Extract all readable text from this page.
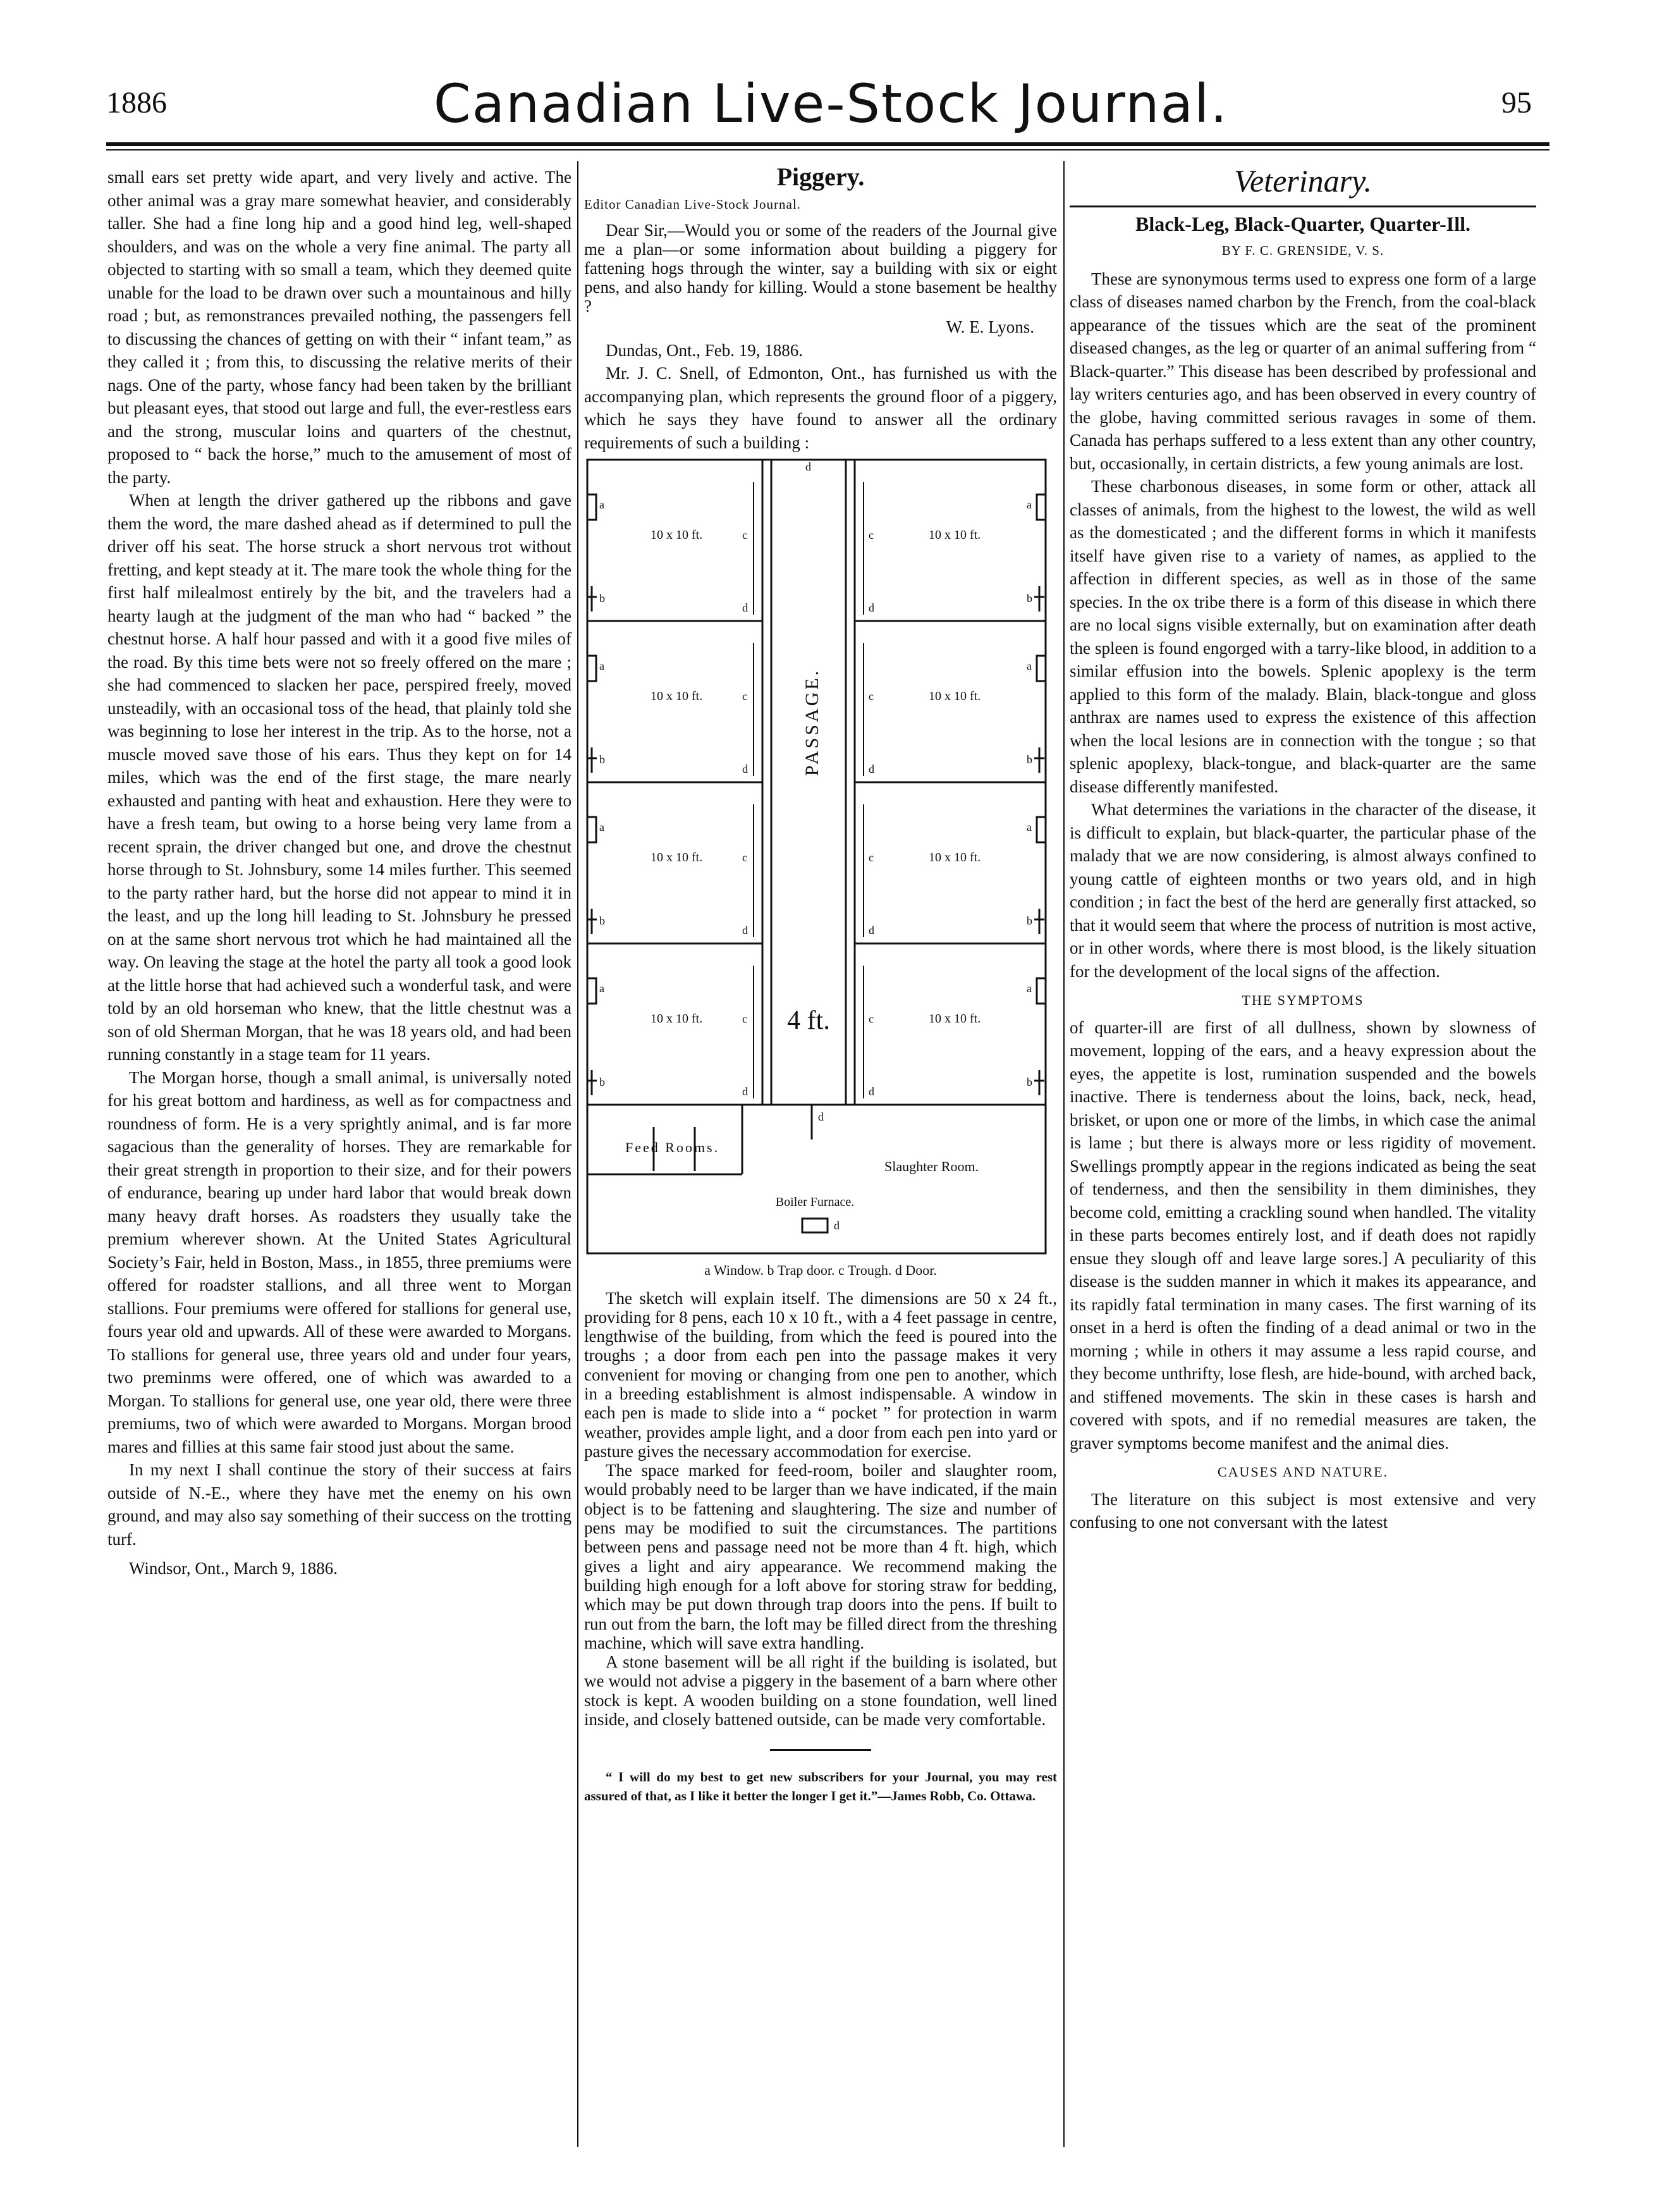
1886	Canadian Live-Stock Journal.	95

small ears set pretty wide apart, and very lively and active. The other animal was a gray mare somewhat heavier, and considerably taller. She had a fine long hip and a good hind leg, well-shaped shoulders, and was on the whole a very fine animal. The party all objected to starting with so small a team, which they deemed quite unable for the load to be drawn over such a mountainous and hilly road ; but, as remonstrances prevailed nothing, the passengers fell to discussing the chances of getting on with their “ infant team,” as they called it ; from this, to discussing the relative merits of their nags. One of the party, whose fancy had been taken by the brilliant but pleasant eyes, that stood out large and full, the ever-restless ears and the strong, muscular loins and quarters of the chestnut, proposed to “ back the horse,” much to the amusement of most of the party.

When at length the driver gathered up the ribbons and gave them the word, the mare dashed ahead as if determined to pull the driver off his seat. The horse struck a short nervous trot without fretting, and kept steady at it. The mare took the whole thing for the first half milealmost entirely by the bit, and the travelers had a hearty laugh at the judgment of the man who had “ backed ” the chestnut horse. A half hour passed and with it a good five miles of the road. By this time bets were not so freely offered on the mare ; she had commenced to slacken her pace, perspired freely, moved unsteadily, with an occasional toss of the head, that plainly told she was beginning to lose her interest in the trip. As to the horse, not a muscle moved save those of his ears. Thus they kept on for 14 miles, which was the end of the first stage, the mare nearly exhausted and panting with heat and exhaustion. Here they were to have a fresh team, but owing to a horse being very lame from a recent sprain, the driver changed but one, and drove the chestnut horse through to St. Johnsbury, some 14 miles further. This seemed to the party rather hard, but the horse did not appear to mind it in the least, and up the long hill leading to St. Johnsbury he pressed on at the same short nervous trot which he had maintained all the way. On leaving the stage at the hotel the party all took a good look at the little horse that had achieved such a wonderful task, and were told by an old horseman who knew, that the little chestnut was a son of old Sherman Morgan, that he was 18 years old, and had been running constantly in a stage team for 11 years.

The Morgan horse, though a small animal, is universally noted for his great bottom and hardiness, as well as for compactness and roundness of form. He is a very sprightly animal, and is far more sagacious than the generality of horses. They are remarkable for their great strength in proportion to their size, and for their powers of endurance, bearing up under hard labor that would break down many heavy draft horses. As roadsters they usually take the premium wherever shown. At the United States Agricultural Society’s Fair, held in Boston, Mass., in 1855, three premiums were offered for roadster stallions, and all three went to Morgan stallions. Four premiums were offered for stallions for general use, fours year old and upwards. All of these were awarded to Morgans. To stallions for general use, three years old and under four years, two preminms were offered, one of which was awarded to a Morgan. To stallions for general use, one year old, there were three premiums, two of which were awarded to Morgans. Morgan brood mares and fillies at this same fair stood just about the same.

In my next I shall continue the story of their success at fairs outside of N.-E., where they have met the enemy on his own ground, and may also say something of their success on the trotting turf.

Windsor, Ont., March 9, 1886.

Piggery.
Editor Canadian Live-Stock Journal.

Dear Sir,—Would you or some of the readers of the Journal give me a plan—or some information about building a piggery for fattening hogs through the winter, say a building with six or eight pens, and also handy for killing. Would a stone basement be healthy ?

W. E. Lyons.

Dundas, Ont., Feb. 19, 1886.

Mr. J. C. Snell, of Edmonton, Ont., has furnished us with the accompanying plan, which represents the ground floor of a piggery, which he says they have found to answer all the ordinary requirements of such a building :

10 x 10 ft.	10 x 10 ft.
10 x 10 ft.	10 x 10 ft.
10 x 10 ft.	10 x 10 ft.
10 x 10 ft.	10 x 10 ft.
PASSAGE.
4 ft.
a	a
a	a
a	a
a	a
b	b
b	b
b	b
b	b
c	c
c	c
c	c
c	c
d
d	d
d	d
d	d
d	d
d
d
Feed Rooms.
Slaughter Room.
Boiler Furnace.
a Window. b Trap door. c Trough. d Door.

The sketch will explain itself. The dimensions are 50 x 24 ft., providing for 8 pens, each 10 x 10 ft., with a 4 feet passage in centre, lengthwise of the building, from which the feed is poured into the troughs ; a door from each pen into the passage makes it very convenient for moving or changing from one pen to another, which in a breeding establishment is almost indispensable. A window in each pen is made to slide into a “ pocket ” for protection in warm weather, provides ample light, and a door from each pen into yard or pasture gives the necessary accommodation for exercise.

The space marked for feed-room, boiler and slaughter room, would probably need to be larger than we have indicated, if the main object is to be fattening and slaughtering. The size and number of pens may be modified to suit the circumstances. The partitions between pens and passage need not be more than 4 ft. high, which gives a light and airy appearance. We recommend making the building high enough for a loft above for storing straw for bedding, which may be put down through trap doors into the pens. If built to run out from the barn, the loft may be filled direct from the threshing machine, which will save extra handling.

A stone basement will be all right if the building is isolated, but we would not advise a piggery in the basement of a barn where other stock is kept. A wooden building on a stone foundation, well lined inside, and closely battened outside, can be made very comfortable.

“ I will do my best to get new subscribers for your Journal, you may rest assured of that, as I like it better the longer I get it.”—James Robb, Co. Ottawa.

Veterinary.
Black-Leg, Black-Quarter, Quarter-Ill.
BY F. C. GRENSIDE, V. S.

These are synonymous terms used to express one form of a large class of diseases named charbon by the French, from the coal-black appearance of the tissues which are the seat of the prominent diseased changes, as the leg or quarter of an animal suffering from “ Black-quarter.” This disease has been described by professional and lay writers centuries ago, and has been observed in every country of the globe, having committed serious ravages in some of them. Canada has perhaps suffered to a less extent than any other country, but, occasionally, in certain districts, a few young animals are lost.

These charbonous diseases, in some form or other, attack all classes of animals, from the highest to the lowest, the wild as well as the domesticated ; and the different forms in which it manifests itself have given rise to a variety of names, as applied to the affection in different species, as well as in those of the same species. In the ox tribe there is a form of this disease in which there are no local signs visible externally, but on examination after death the spleen is found engorged with a tarry-like blood, in addition to a similar effusion into the bowels. Splenic apoplexy is the term applied to this form of the malady. Blain, black-tongue and gloss anthrax are names used to express the existence of this affection when the local lesions are in connection with the tongue ; so that splenic apoplexy, black-tongue, and black-quarter are the same disease differently manifested.

What determines the variations in the character of the disease, it is difficult to explain, but black-quarter, the particular phase of the malady that we are now considering, is almost always confined to young cattle of eighteen months or two years old, and in high condition ; in fact the best of the herd are generally first attacked, so that it would seem that where the process of nutrition is most active, or in other words, where there is most blood, is the likely situation for the development of the local signs of the affection.

THE SYMPTOMS

of quarter-ill are first of all dullness, shown by slowness of movement, lopping of the ears, and a heavy expression about the eyes, the appetite is lost, rumination suspended and the bowels inactive. There is tenderness about the loins, back, neck, head, brisket, or upon one or more of the limbs, in which case the animal is lame ; but there is always more or less rigidity of movement. Swellings promptly appear in the regions indicated as being the seat of tenderness, and then the sensibility in them diminishes, they become cold, emitting a crackling sound when handled. The vitality in these parts becomes entirely lost, and if death does not rapidly ensue they slough off and leave large sores.] A peculiarity of this disease is the sudden manner in which it makes its appearance, and its rapidly fatal termination in many cases. The first warning of its onset in a herd is often the finding of a dead animal or two in the morning ; while in others it may assume a less rapid course, and they become unthrifty, lose flesh, are hide-bound, with arched back, and stiffened movements. The skin in these cases is harsh and covered with spots, and if no remedial measures are taken, the graver symptoms become manifest and the animal dies.

CAUSES AND NATURE.

The literature on this subject is most extensive and very confusing to one not conversant with the latest
